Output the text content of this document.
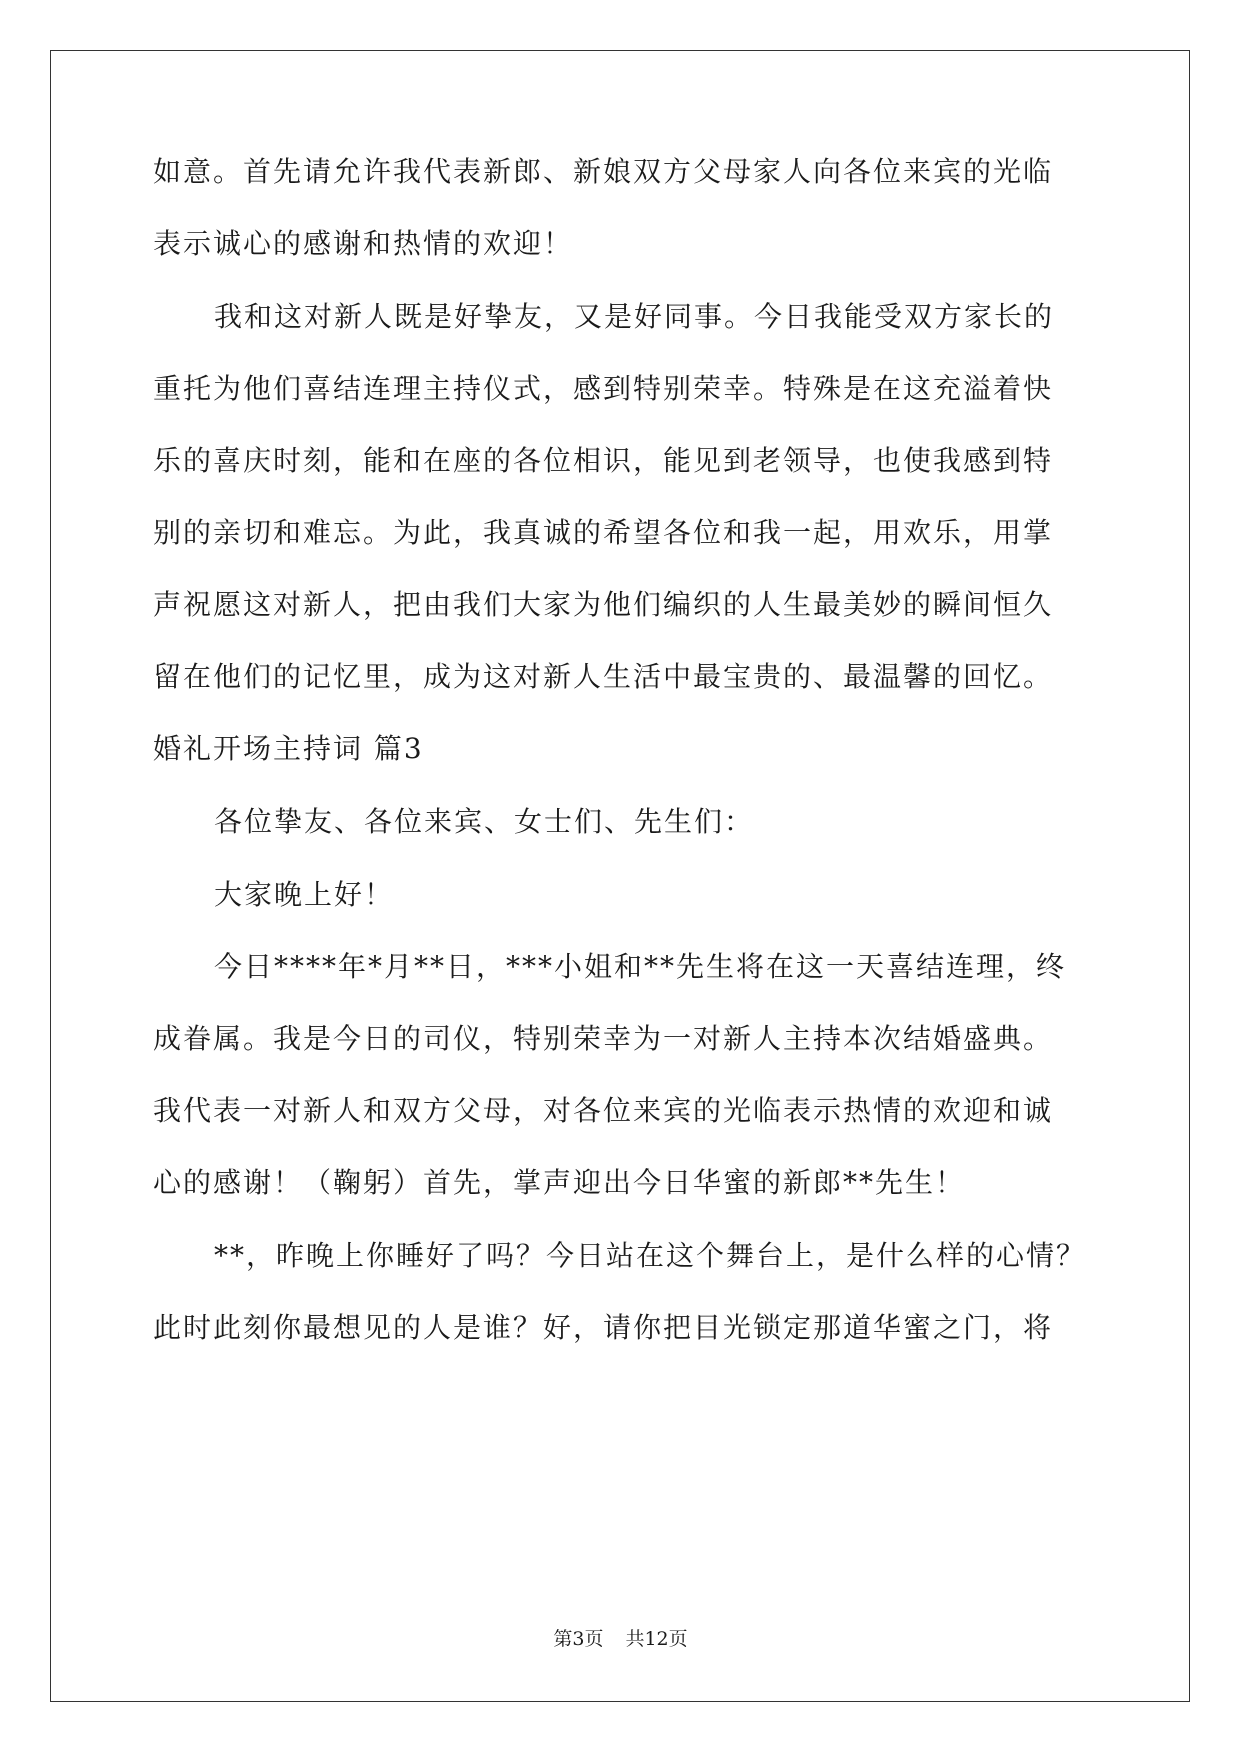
如意。首先请允许我代表新郎、新娘双方父母家人向各位来宾的光临
表示诚心的感谢和热情的欢迎！
我和这对新人既是好挚友，又是好同事。今日我能受双方家长的
重托为他们喜结连理主持仪式，感到特别荣幸。特殊是在这充溢着快
乐的喜庆时刻，能和在座的各位相识，能见到老领导，也使我感到特
别的亲切和难忘。为此，我真诚的希望各位和我一起，用欢乐，用掌
声祝愿这对新人，把由我们大家为他们编织的人生最美妙的瞬间恒久
留在他们的记忆里，成为这对新人生活中最宝贵的、最温馨的回忆。
婚礼开场主持词 篇3
各位挚友、各位来宾、女士们、先生们：
大家晚上好！
今日****年*月**日，***小姐和**先生将在这一天喜结连理，终
成眷属。我是今日的司仪，特别荣幸为一对新人主持本次结婚盛典。
我代表一对新人和双方父母，对各位来宾的光临表示热情的欢迎和诚
心的感谢！（鞠躬）首先，掌声迎出今日华蜜的新郎**先生！
**，昨晚上你睡好了吗？今日站在这个舞台上，是什么样的心情？
此时此刻你最想见的人是谁？好，请你把目光锁定那道华蜜之门，将
第3页 共12页
